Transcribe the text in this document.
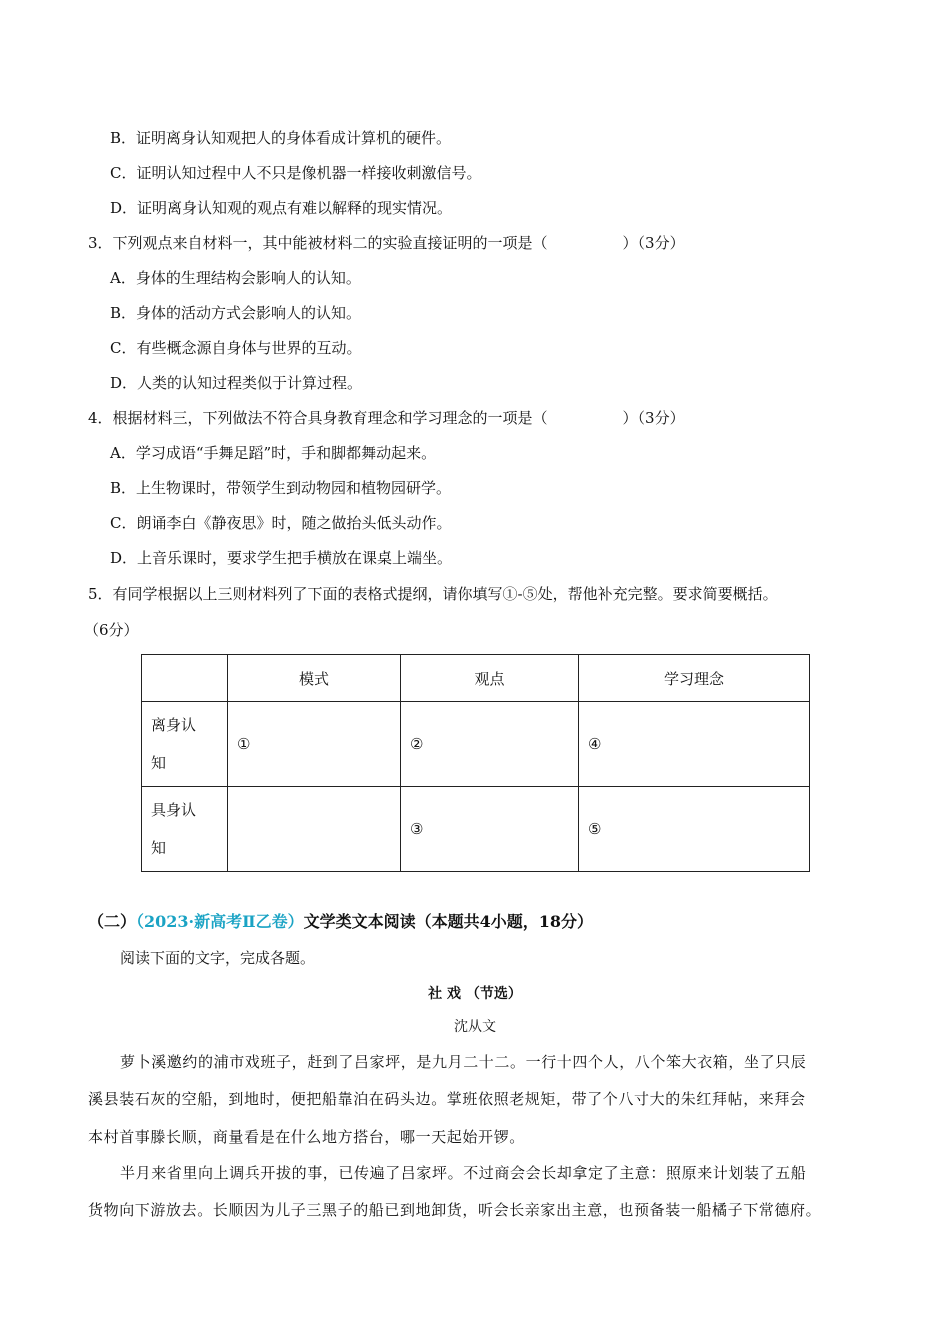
B．证明离身认知观把人的身体看成计算机的硬件。
C．证明认知过程中人不只是像机器一样接收刺激信号。
D．证明离身认知观的观点有难以解释的现实情况。
3．下列观点来自材料一，其中能被材料二的实验直接证明的一项是（	）（3分）
A．身体的生理结构会影响人的认知。
B．身体的活动方式会影响人的认知。
C．有些概念源自身体与世界的互动。
D．人类的认知过程类似于计算过程。
4．根据材料三，下列做法不符合具身教育理念和学习理念的一项是（	）（3分）
A．学习成语“手舞足蹈”时，手和脚都舞动起来。
B．上生物课时，带领学生到动物园和植物园研学。
C．朗诵李白《静夜思》时，随之做抬头低头动作。
D．上音乐课时，要求学生把手横放在课桌上端坐。
5．有同学根据以上三则材料列了下面的表格式提纲，请你填写①-⑤处，帮他补充完整。要求简要概括。
（6分）
	模式	观点	学习理念

离身认
知	①	②	④

具身认
知		③	⑤
（二）（2023·新高考Ⅱ乙卷）文学类文本阅读（本题共4小题，18分）
阅读下面的文字，完成各题。
社 戏 （节选）
沈从文
萝卜溪邀约的浦市戏班子，赶到了吕家坪，是九月二十二。一行十四个人，八个笨大衣箱，坐了只辰
溪县装石灰的空船，到地时，便把船靠泊在码头边。掌班依照老规矩，带了个八寸大的朱红拜帖，来拜会
本村首事滕长顺，商量看是在什么地方搭台，哪一天起始开锣。
半月来省里向上调兵开拔的事，已传遍了吕家坪。不过商会会长却拿定了主意：照原来计划装了五船
货物向下游放去。长顺因为儿子三黑子的船已到地卸货，听会长亲家出主意，也预备装一船橘子下常德府。
